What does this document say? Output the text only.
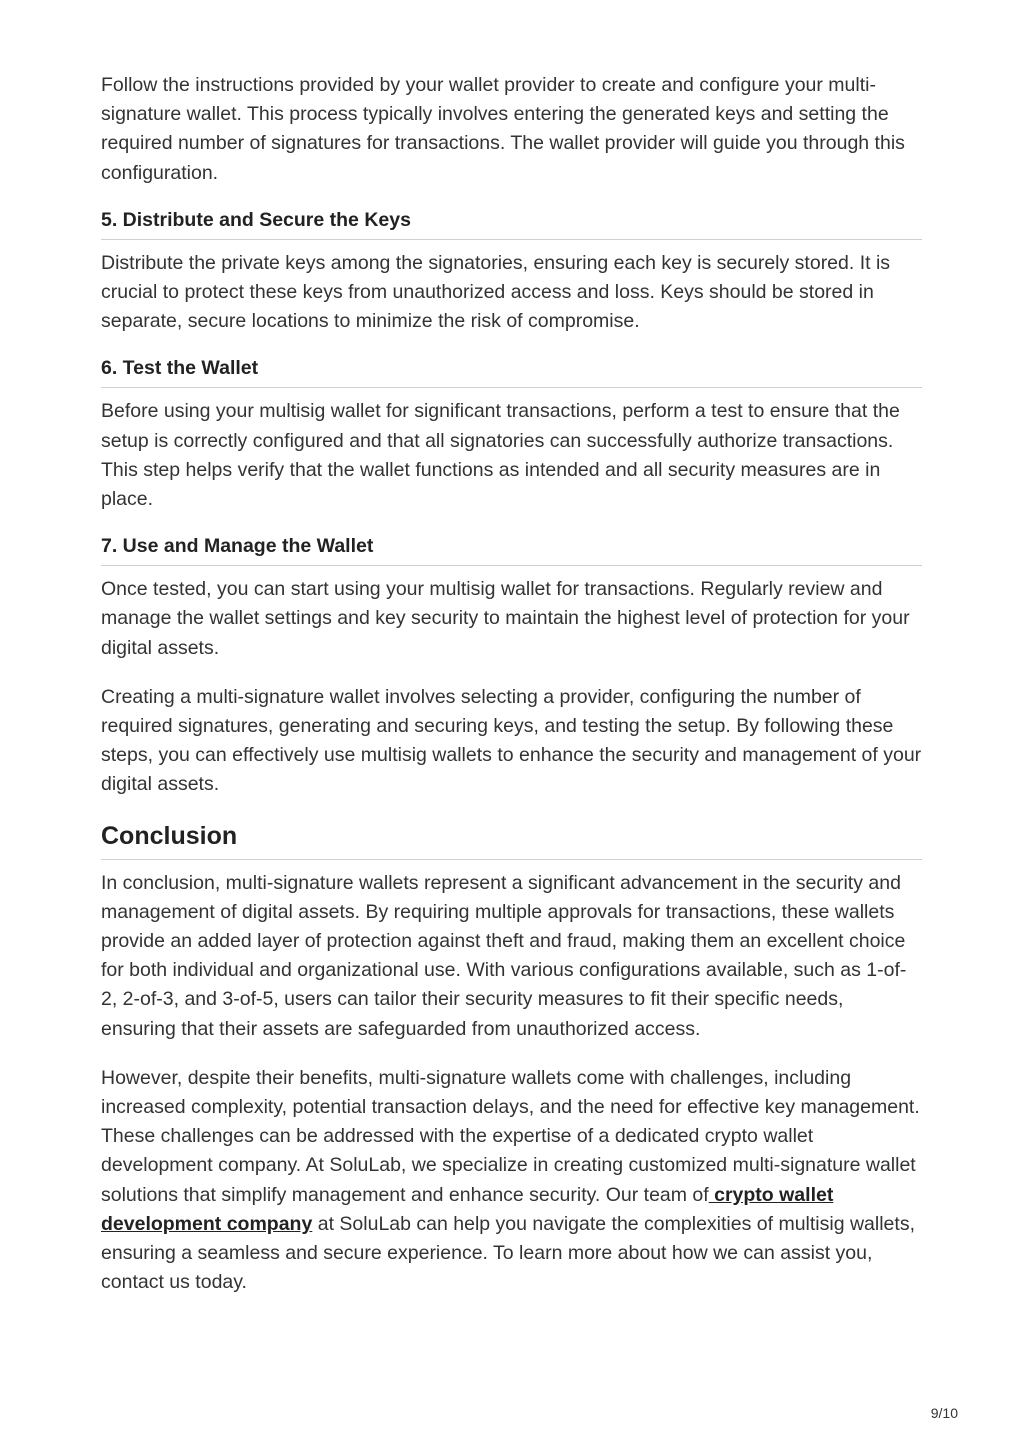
Follow the instructions provided by your wallet provider to create and configure your multi-signature wallet. This process typically involves entering the generated keys and setting the required number of signatures for transactions. The wallet provider will guide you through this configuration.

5. Distribute and Secure the Keys

Distribute the private keys among the signatories, ensuring each key is securely stored. It is crucial to protect these keys from unauthorized access and loss. Keys should be stored in separate, secure locations to minimize the risk of compromise.

6. Test the Wallet

Before using your multisig wallet for significant transactions, perform a test to ensure that the setup is correctly configured and that all signatories can successfully authorize transactions. This step helps verify that the wallet functions as intended and all security measures are in place.

7. Use and Manage the Wallet

Once tested, you can start using your multisig wallet for transactions. Regularly review and manage the wallet settings and key security to maintain the highest level of protection for your digital assets.

Creating a multi-signature wallet involves selecting a provider, configuring the number of required signatures, generating and securing keys, and testing the setup. By following these steps, you can effectively use multisig wallets to enhance the security and management of your digital assets.

Conclusion

In conclusion, multi-signature wallets represent a significant advancement in the security and management of digital assets. By requiring multiple approvals for transactions, these wallets provide an added layer of protection against theft and fraud, making them an excellent choice for both individual and organizational use. With various configurations available, such as 1-of-2, 2-of-3, and 3-of-5, users can tailor their security measures to fit their specific needs, ensuring that their assets are safeguarded from unauthorized access.

However, despite their benefits, multi-signature wallets come with challenges, including increased complexity, potential transaction delays, and the need for effective key management. These challenges can be addressed with the expertise of a dedicated crypto wallet development company. At SoluLab, we specialize in creating customized multi-signature wallet solutions that simplify management and enhance security. Our team of crypto wallet development company at SoluLab can help you navigate the complexities of multisig wallets, ensuring a seamless and secure experience. To learn more about how we can assist you, contact us today.

9/10
